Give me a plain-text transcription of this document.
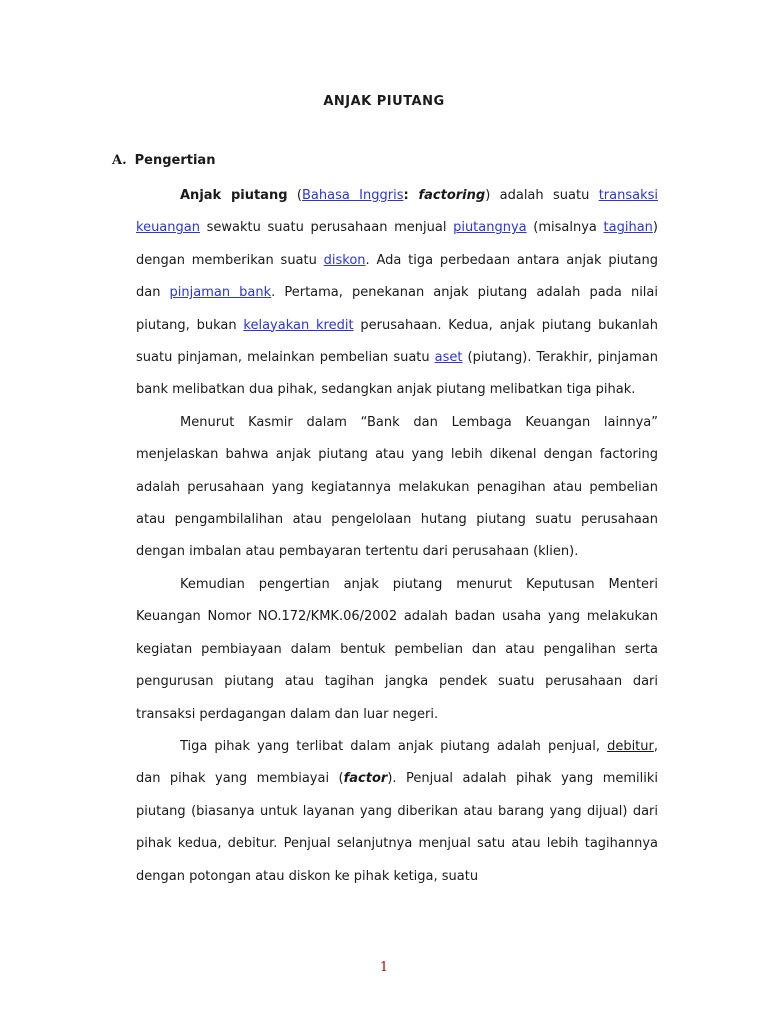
ANJAK PIUTANG
A. Pengertian

Anjak piutang (Bahasa Inggris: factoring) adalah suatu transaksi keuangan sewaktu suatu perusahaan menjual piutangnya (misalnya tagihan) dengan memberikan suatu diskon. Ada tiga perbedaan antara anjak piutang dan pinjaman bank. Pertama, penekanan anjak piutang adalah pada nilai piutang, bukan kelayakan kredit perusahaan. Kedua, anjak piutang bukanlah suatu pinjaman, melainkan pembelian suatu aset (piutang). Terakhir, pinjaman bank melibatkan dua pihak, sedangkan anjak piutang melibatkan tiga pihak.

Menurut Kasmir dalam “Bank dan Lembaga Keuangan lainnya” menjelaskan bahwa anjak piutang atau yang lebih dikenal dengan factoring adalah perusahaan yang kegiatannya melakukan penagihan atau pembelian atau pengambilalihan atau pengelolaan hutang piutang suatu perusahaan dengan imbalan atau pembayaran tertentu dari perusahaan (klien).

Kemudian pengertian anjak piutang menurut Keputusan Menteri Keuangan Nomor NO.172/KMK.06/2002 adalah badan usaha yang melakukan kegiatan pembiayaan dalam bentuk pembelian dan atau pengalihan serta pengurusan piutang atau tagihan jangka pendek suatu perusahaan dari transaksi perdagangan dalam dan luar negeri.

Tiga pihak yang terlibat dalam anjak piutang adalah penjual, debitur, dan pihak yang membiayai (factor). Penjual adalah pihak yang memiliki piutang (biasanya untuk layanan yang diberikan atau barang yang dijual) dari pihak kedua, debitur. Penjual selanjutnya menjual satu atau lebih tagihannya dengan potongan atau diskon ke pihak ketiga, suatu

1
